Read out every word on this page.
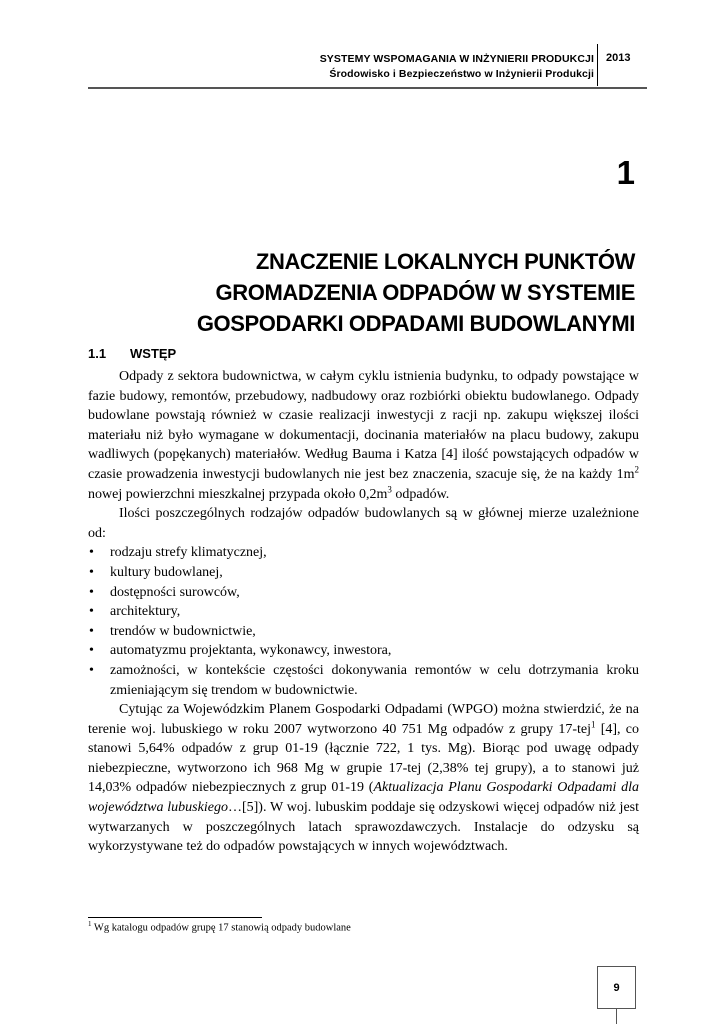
SYSTEMY WSPOMAGANIA W INŻYNIERII PRODUKCJI
Środowisko i Bezpieczeństwo w Inżynierii Produkcji
2013
1
ZNACZENIE LOKALNYCH PUNKTÓW
GROMADZENIA ODPADÓW W SYSTEMIE
GOSPODARKI ODPADAMI BUDOWLANYMI
1.1 WSTĘP

Odpady z sektora budownictwa, w całym cyklu istnienia budynku, to odpady powstające w fazie budowy, remontów, przebudowy, nadbudowy oraz rozbiórki obiektu budowlanego. Odpady budowlane powstają również w czasie realizacji inwestycji z racji np. zakupu większej ilości materiału niż było wymagane w dokumentacji, docinania materiałów na placu budowy, zakupu wadliwych (popękanych) materiałów. Według Bauma i Katza [4] ilość powstających odpadów w czasie prowadzenia inwestycji budowlanych nie jest bez znaczenia, szacuje się, że na każdy $1m^2$ nowej powierzchni mieszkalnej przypada około $0,2m^3$ odpadów.

Ilości poszczególnych rodzajów odpadów budowlanych są w głównej mierze uzależnione od:

• rodzaju strefy klimatycznej,
• kultury budowlanej,
• dostępności surowców,
• architektury,
• trendów w budownictwie,
• automatyzmu projektanta, wykonawcy, inwestora,
• zamożności, w kontekście częstości dokonywania remontów w celu dotrzymania kroku zmieniającym się trendom w budownictwie.

Cytując za Wojewódzkim Planem Gospodarki Odpadami (WPGO) można stwierdzić, że na terenie woj. lubuskiego w roku 2007 wytworzono 40 751 Mg odpadów z grupy 17-tej$^1$ [4], co stanowi 5,64% odpadów z grup 01-19 (łącznie 722, 1 tys. Mg). Biorąc pod uwagę odpady niebezpieczne, wytworzono ich 968 Mg w grupie 17-tej (2,38% tej grupy), a to stanowi już 14,03% odpadów niebezpiecznych z grup 01-19 (Aktualizacja Planu Gospodarki Odpadami dla województwa lubuskiego…[5]). W woj. lubuskim poddaje się odzyskowi więcej odpadów niż jest wytwarzanych w poszczególnych latach sprawozdawczych. Instalacje do odzysku są wykorzystywane też do odpadów powstających w innych województwach.

$^1$ Wg katalogu odpadów grupę 17 stanowią odpady budowlane
9
